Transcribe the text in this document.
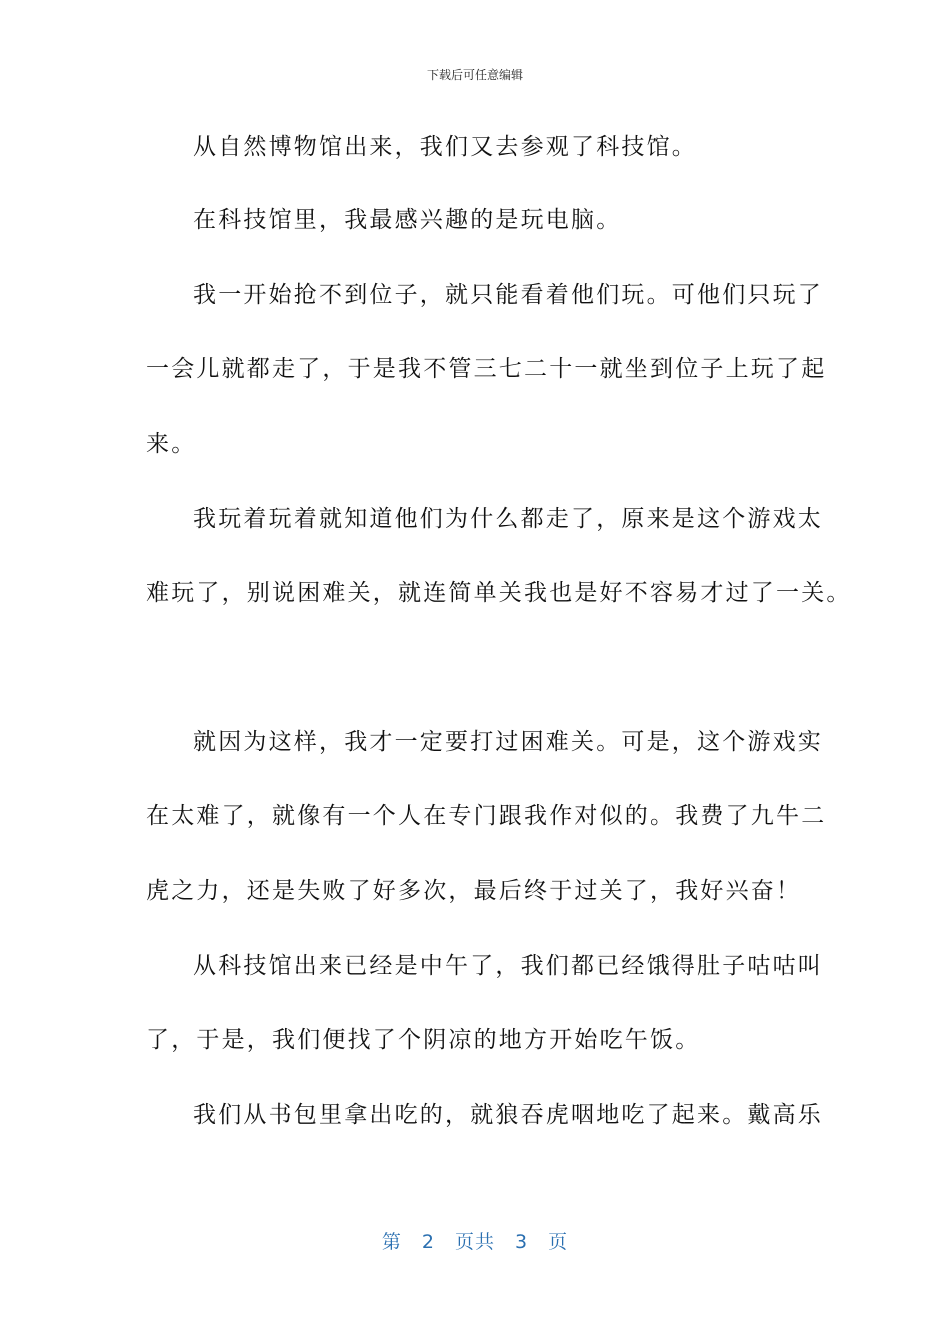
下载后可任意编辑
从自然博物馆出来，我们又去参观了科技馆。
在科技馆里，我最感兴趣的是玩电脑。
我一开始抢不到位子，就只能看着他们玩。可他们只玩了
一会儿就都走了，于是我不管三七二十一就坐到位子上玩了起
来。
我玩着玩着就知道他们为什么都走了，原来是这个游戏太
难玩了，别说困难关，就连简单关我也是好不容易才过了一关。
就因为这样，我才一定要打过困难关。可是，这个游戏实
在太难了，就像有一个人在专门跟我作对似的。我费了九牛二
虎之力，还是失败了好多次，最后终于过关了，我好兴奋！
从科技馆出来已经是中午了，我们都已经饿得肚子咕咕叫
了，于是，我们便找了个阴凉的地方开始吃午饭。
我们从书包里拿出吃的，就狼吞虎咽地吃了起来。戴高乐
第 2 页共 3 页
